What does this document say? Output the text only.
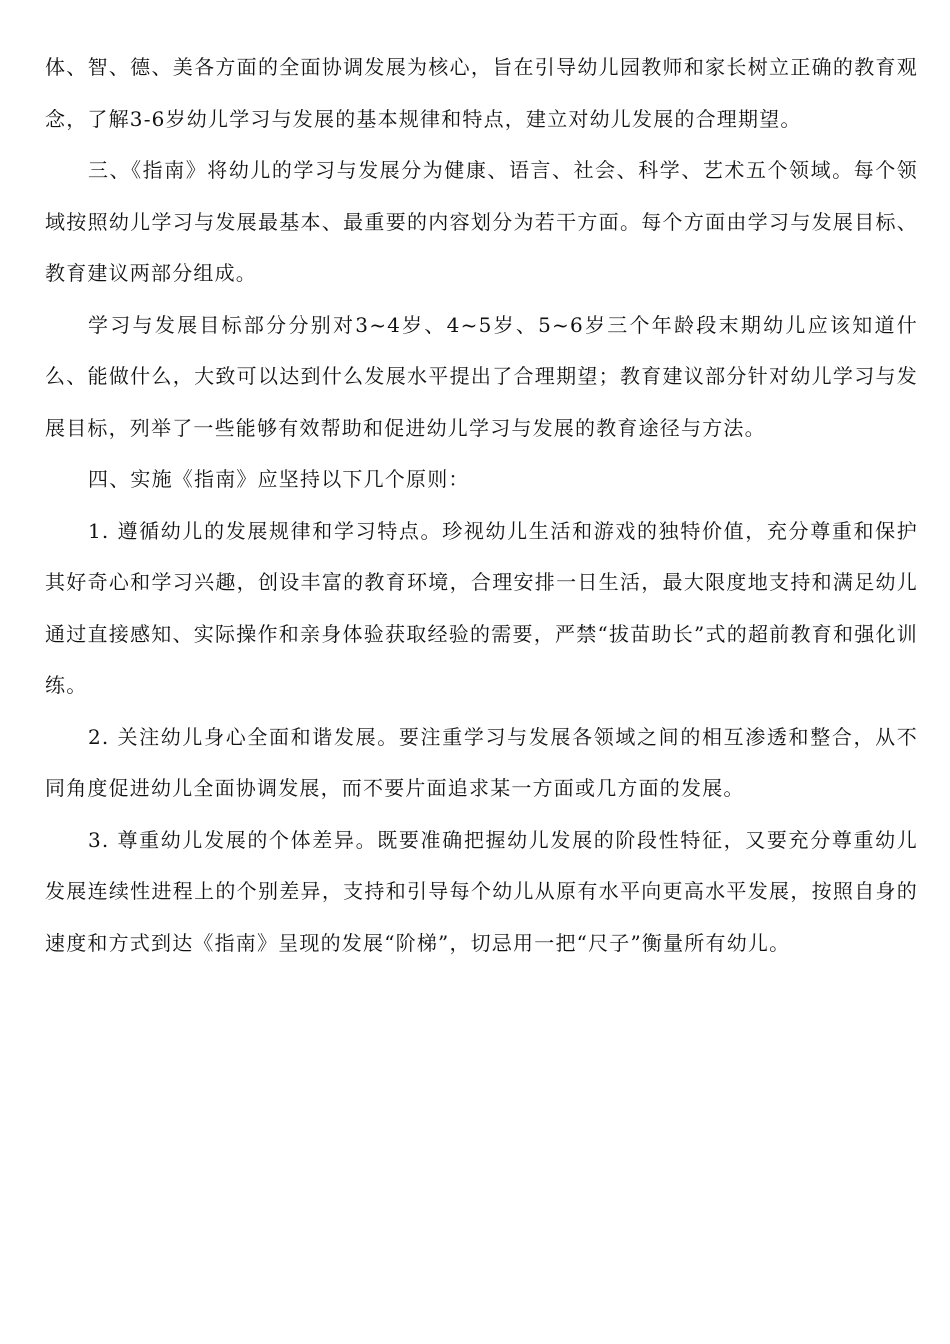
体、智、德、美各方面的全面协调发展为核心，旨在引导幼儿园教师和家长树立正确的教育观念，了解3-6岁幼儿学习与发展的基本规律和特点，建立对幼儿发展的合理期望。

三、《指南》将幼儿的学习与发展分为健康、语言、社会、科学、艺术五个领域。每个领域按照幼儿学习与发展最基本、最重要的内容划分为若干方面。每个方面由学习与发展目标、教育建议两部分组成。

学习与发展目标部分分别对3~4岁、4~5岁、5~6岁三个年龄段末期幼儿应该知道什么、能做什么，大致可以达到什么发展水平提出了合理期望；教育建议部分针对幼儿学习与发展目标，列举了一些能够有效帮助和促进幼儿学习与发展的教育途径与方法。

四、实施《指南》应坚持以下几个原则：

1. 遵循幼儿的发展规律和学习特点。珍视幼儿生活和游戏的独特价值，充分尊重和保护其好奇心和学习兴趣，创设丰富的教育环境，合理安排一日生活，最大限度地支持和满足幼儿通过直接感知、实际操作和亲身体验获取经验的需要，严禁“拔苗助长”式的超前教育和强化训练。

2. 关注幼儿身心全面和谐发展。要注重学习与发展各领域之间的相互渗透和整合，从不同角度促进幼儿全面协调发展，而不要片面追求某一方面或几方面的发展。

3. 尊重幼儿发展的个体差异。既要准确把握幼儿发展的阶段性特征，又要充分尊重幼儿发展连续性进程上的个别差异，支持和引导每个幼儿从原有水平向更高水平发展，按照自身的速度和方式到达《指南》呈现的发展“阶梯”，切忌用一把“尺子”衡量所有幼儿。
